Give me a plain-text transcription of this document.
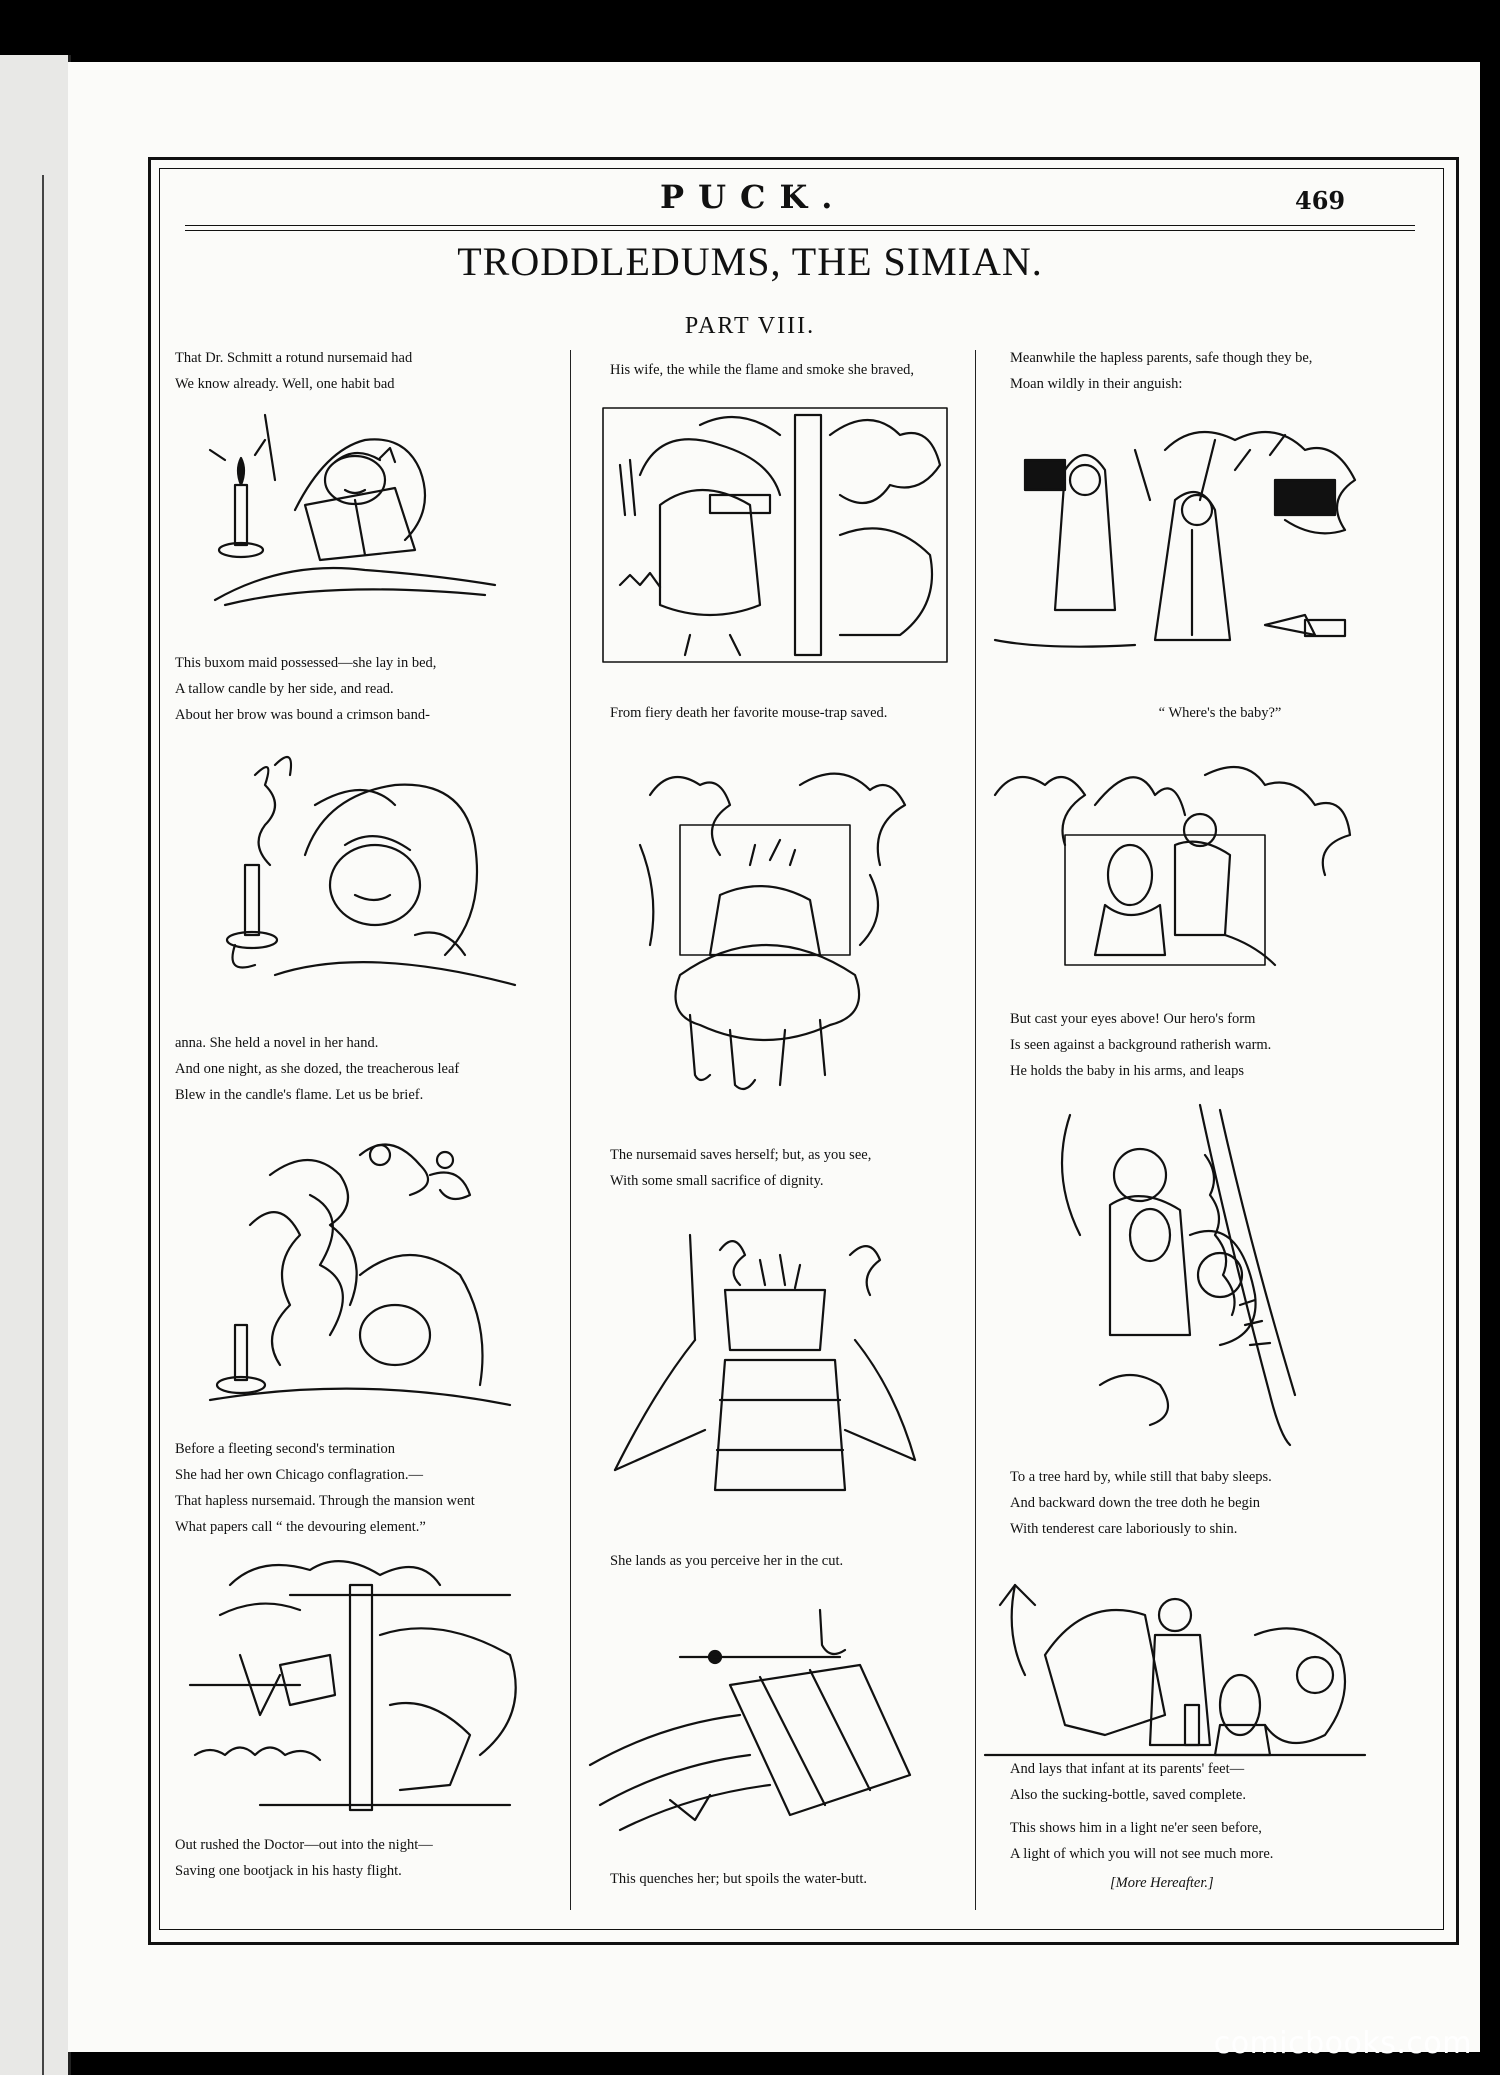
PUCK.	469
TRODDLEDUMS, THE SIMIAN.
PART VIII.
That Dr. Schmitt a rotund nursemaid had
We know already. Well, one habit bad
This buxom maid possessed—she lay in bed,
A tallow candle by her side, and read.
About her brow was bound a crimson band-
anna. She held a novel in her hand.
And one night, as she dozed, the treacherous leaf
Blew in the candle's flame. Let us be brief.
Before a fleeting second's termination
She had her own Chicago conflagration.—
That hapless nursemaid. Through the mansion went
What papers call “ the devouring element.”
Out rushed the Doctor—out into the night—
Saving one bootjack in his hasty flight.
His wife, the while the flame and smoke she braved,
From fiery death her favorite mouse-trap saved.
The nursemaid saves herself; but, as you see,
With some small sacrifice of dignity.
She lands as you perceive her in the cut.
This quenches her; but spoils the water-butt.
Meanwhile the hapless parents, safe though they be,
Moan wildly in their anguish:
“ Where's the baby?”
But cast your eyes above! Our hero's form
Is seen against a background ratherish warm.
He holds the baby in his arms, and leaps
To a tree hard by, while still that baby sleeps.
And backward down the tree doth he begin
With tenderest care laboriously to shin.
And lays that infant at its parents' feet—
Also the sucking-bottle, saved complete.
This shows him in a light ne'er seen before,
A light of which you will not see much more.
[More Hereafter.]
comicbooks.com
